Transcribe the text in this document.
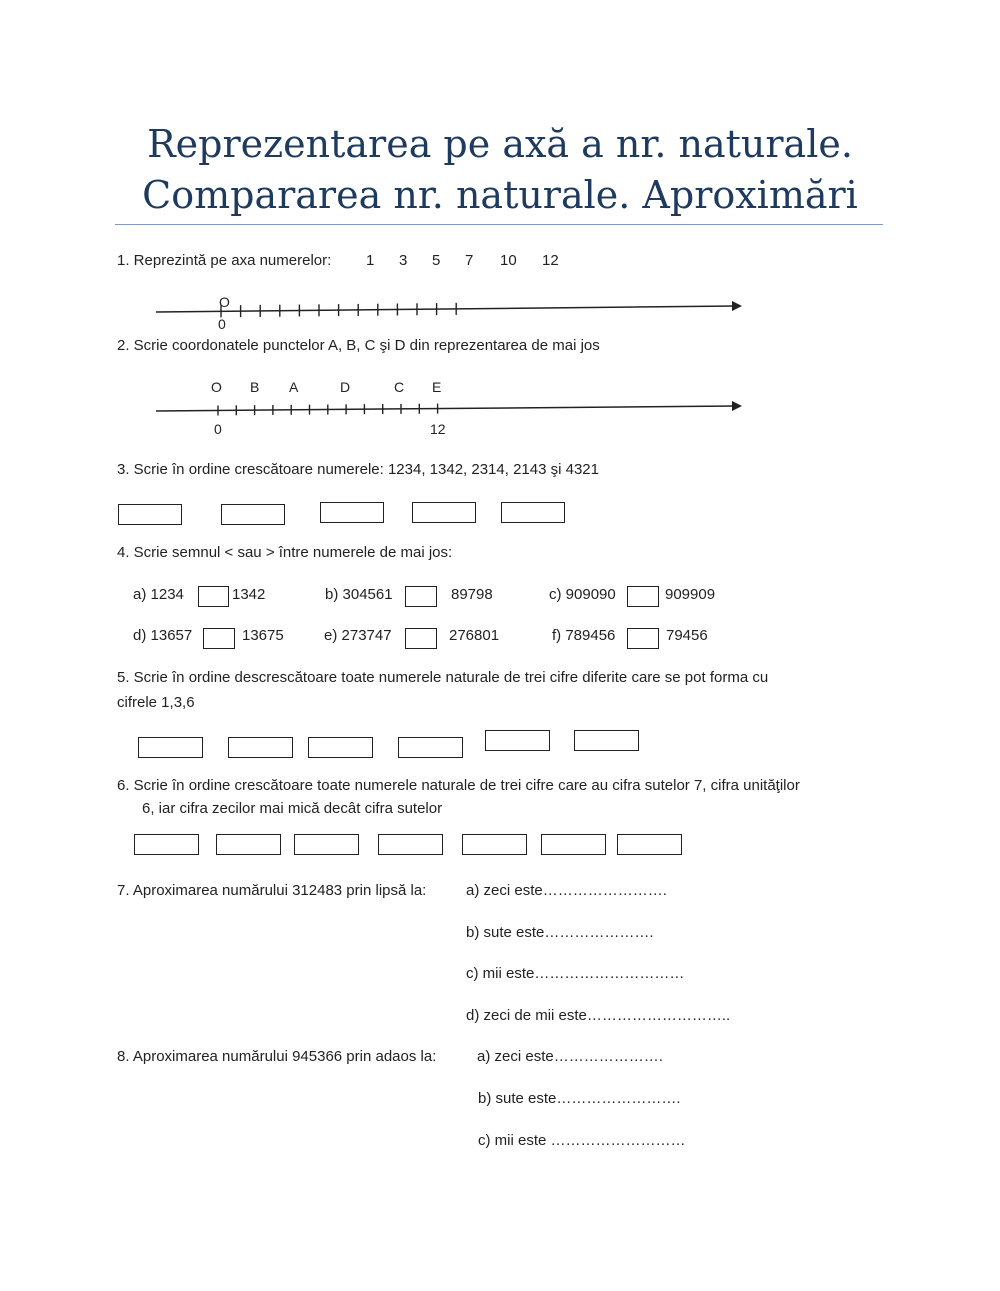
Reprezentarea pe axă a nr. naturale.
Compararea nr. naturale. Aproximări
1. Reprezintă pe axa numerelor: 1 3 5 7 10 12
O
0
2. Scrie coordonatele punctelor A, B, C şi D din reprezentarea de mai jos
O B A	D	C E
0	12
3. Scrie în ordine crescătoare numerele: 1234, 1342, 2314, 2143 şi 4321
4. Scrie semnul < sau > între numerele de mai jos:
a) 1234	1342	b) 304561	89798	c) 909090	909909
d) 13657	13675	e) 273747	276801	f) 789456	79456
5. Scrie în ordine descrescătoare toate numerele naturale de trei cifre diferite care se pot forma cu
cifrele 1,3,6
6. Scrie în ordine crescătoare toate numerele naturale de trei cifre care au cifra sutelor 7, cifra unităţilor
6, iar cifra zecilor mai mică decât cifra sutelor
7. Aproximarea numărului 312483 prin lipsă la:	a) zeci este…………………….
b) sute este………………….
c) mii este…………………………
d) zeci de mii este………………………..
8. Aproximarea numărului 945366 prin adaos la:	a) zeci este………………….
b) sute este…………………….
c) mii este ………………………
